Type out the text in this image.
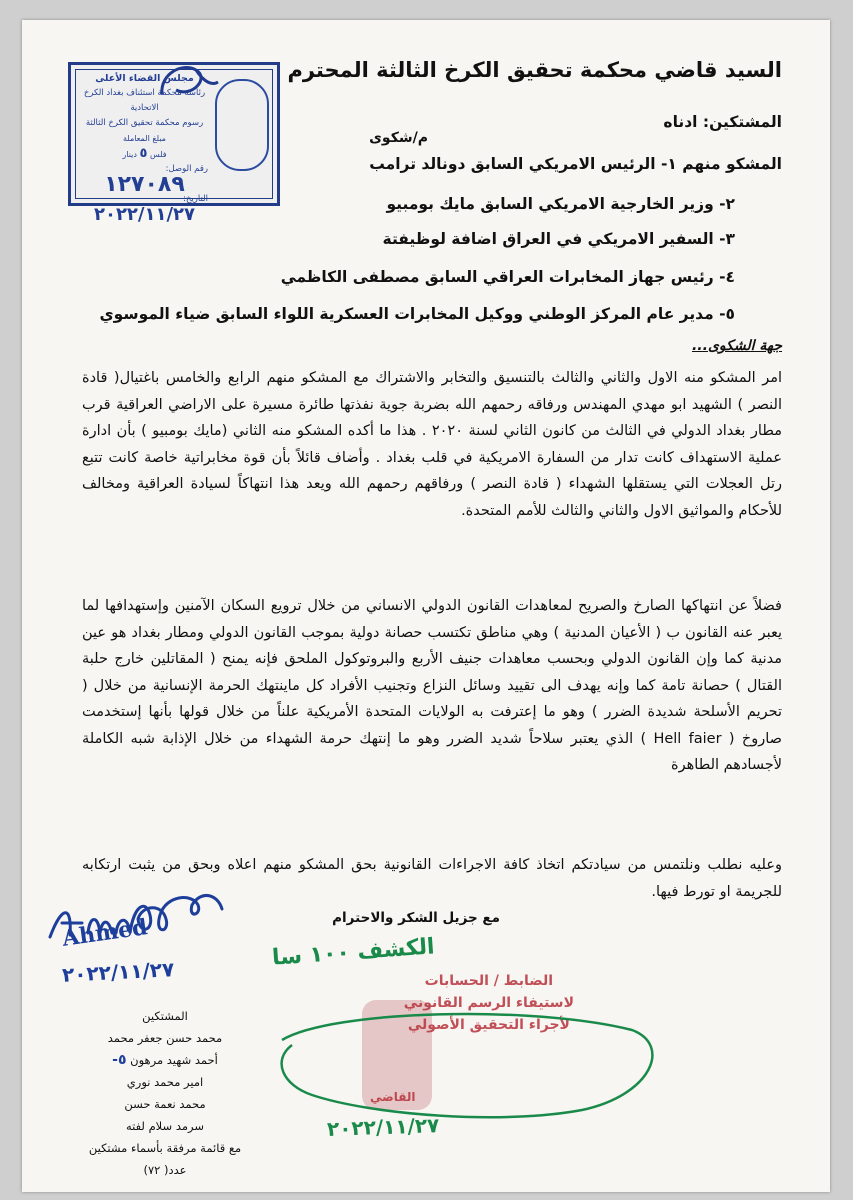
السيد قاضي محكمة تحقيق الكرخ الثالثة المحترم
المشتكين: ادناه
م/شكوى
المشكو منهم ١- الرئيس الامريكي السابق دونالد ترامب
٢- وزير الخارجية الامريكي السابق مايك بومبيو
٣- السفير الامريكي في العراق اضافة لوظيفتة
٤- رئيس جهاز المخابرات العراقي السابق مصطفى الكاظمي
٥- مدير عام المركز الوطني ووكيل المخابرات العسكرية اللواء السابق ضياء الموسوي
جهة الشكوى...
امر المشكو منه الاول والثاني والثالث بالتنسيق والتخابر والاشتراك مع المشكو منهم الرابع والخامس باغتيال( قادة النصر ) الشهيد ابو مهدي المهندس ورفاقه رحمهم الله بضربة جوية نفذتها طائرة مسيرة على الاراضي العراقية قرب مطار بغداد الدولي في الثالث من كانون الثاني لسنة ٢٠٢٠ . هذا ما أكده المشكو منه الثاني (مايك بومبيو ) بأن ادارة عملية الاستهداف كانت تدار من السفارة الامريكية في قلب بغداد . وأضاف قائلاً بأن قوة مخابراتية خاصة كانت تتبع رتل العجلات التي يستقلها الشهداء ( قادة النصر ) ورفاقهم رحمهم الله ويعد هذا انتهاكاً لسيادة العراقية ومخالف للأحكام والمواثيق الاول والثاني والثالث للأمم المتحدة.
فضلاً عن انتهاكها الصارخ والصريح لمعاهدات القانون الدولي الانساني من خلال ترويع السكان الآمنين وإستهدافها لما يعبر عنه القانون ب ( الأعيان المدنية ) وهي مناطق تكتسب حصانة دولية بموجب القانون الدولي ومطار بغداد هو عين مدنية كما وإن القانون الدولي وبحسب معاهدات جنيف الأربع والبروتوكول الملحق فإنه يمنح ( المقاتلين خارج حلبة القتال ) حصانة تامة كما وإنه يهدف الى تقييد وسائل النزاع وتجنيب الأفراد كل ماينتهك الحرمة الإنسانية من خلال ( تحريم الأسلحة شديدة الضرر ) وهو ما إعترفت به الولايات المتحدة الأمريكية علناً من خلال قولها بأنها إستخدمت صاروخ ( Hell faier ) الذي يعتبر سلاحاً شديد الضرر وهو ما إنتهك حرمة الشهداء من خلال الإذابة شبه الكاملة لأجسادهم الطاهرة
وعليه نطلب ونلتمس من سيادتكم اتخاذ كافة الاجراءات القانونية بحق المشكو منهم اعلاه وبحق من يثبت ارتكابه للجريمة او تورط فيها.
مع جزيل الشكر والاحترام
مجلس القضاء الأعلى
رئاسة محكمة استئناف بغداد الكرخ الاتحادية
رسوم محكمة تحقيق الكرخ الثالثة
مبلغ المعاملة
فلس ٥ دينار
رقم الوصل:
١٢٧٠٨٩
التاريخ:
٢٠٢٢/١١/٢٧
Ahmed
٢٠٢٢/١١/٢٧
المشتكين
محمد حسن جعفر محمد
أحمد شهيد مرهون ٥-
امير محمد نوري
محمد نعمة حسن
سرمد سلام لفته
مع قائمة مرفقة بأسماء مشتكين
عدد( ٧٢)
الكشف ١٠٠ سا
الضابط / الحسابات
لاستيفاء الرسم القانوني
لأجراء التحقيق الأصولي
القاضي
٢٠٢٢/١١/٢٧
